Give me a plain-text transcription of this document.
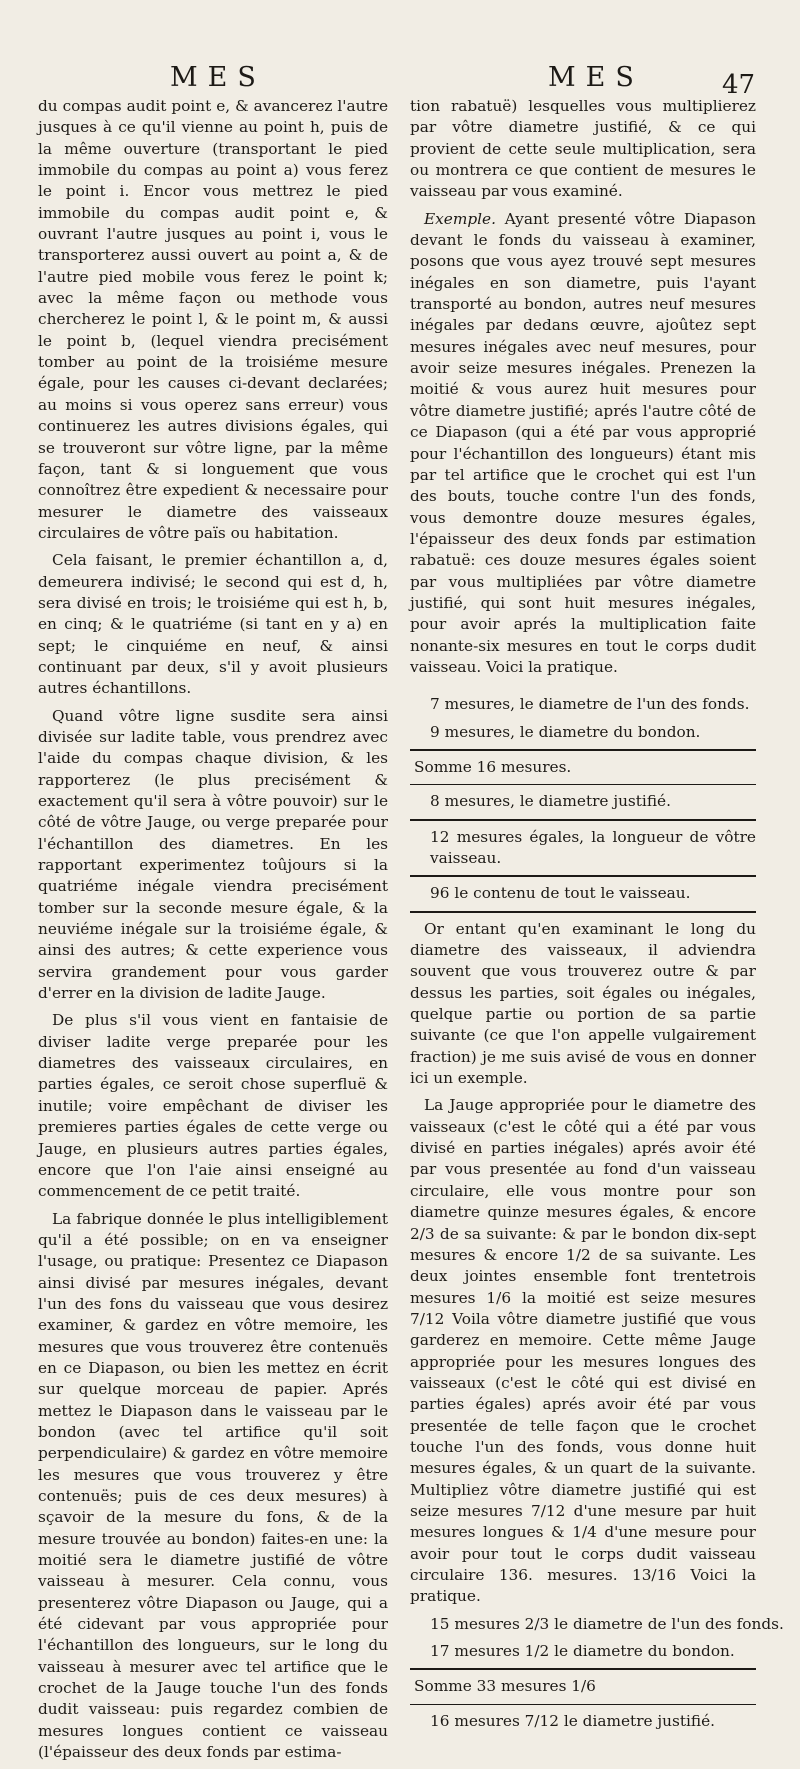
MES	MES	47

du compas audit point e, & avancerez l'autre jusques à ce qu'il vienne au point h, puis de la même ouverture (transportant le pied immobile du compas au point a) vous ferez le point i. Encor vous mettrez le pied immobile du compas audit point e, & ouvrant l'autre jusques au point i, vous le transporterez aussi ouvert au point a, & de l'autre pied mobile vous ferez le point k; avec la même façon ou methode vous chercherez le point l, & le point m, & aussi le point b, (lequel viendra precisément tomber au point de la troisiéme mesure égale, pour les causes ci-devant declarées; au moins si vous operez sans erreur) vous continuerez les autres divisions égales, qui se trouveront sur vôtre ligne, par la même façon, tant & si longuement que vous connoîtrez être expedient & necessaire pour mesurer le diametre des vaisseaux circulaires de vôtre païs ou habitation.

Cela faisant, le premier échantillon a, d, demeurera indivisé; le second qui est d, h, sera divisé en trois; le troisiéme qui est h, b, en cinq; & le quatriéme (si tant en y a) en sept; le cinquiéme en neuf, & ainsi continuant par deux, s'il y avoit plusieurs autres échantillons.

Quand vôtre ligne susdite sera ainsi divisée sur ladite table, vous prendrez avec l'aide du compas chaque division, & les rapporterez (le plus precisément & exactement qu'il sera à vôtre pouvoir) sur le côté de vôtre Jauge, ou verge preparée pour l'échantillon des diametres. En les rapportant experimentez toûjours si la quatriéme inégale viendra precisément tomber sur la seconde mesure égale, & la neuviéme inégale sur la troisiéme égale, & ainsi des autres; & cette experience vous servira grandement pour vous garder d'errer en la division de ladite Jauge.

De plus s'il vous vient en fantaisie de diviser ladite verge preparée pour les diametres des vaisseaux circulaires, en parties égales, ce seroit chose superfluë & inutile; voire empêchant de diviser les premieres parties égales de cette verge ou Jauge, en plusieurs autres parties égales, encore que l'on l'aie ainsi enseigné au commencement de ce petit traité.

La fabrique donnée le plus intelligiblement qu'il a été possible; on en va enseigner l'usage, ou pratique: Presentez ce Diapason ainsi divisé par mesures inégales, devant l'un des fons du vaisseau que vous desirez examiner, & gardez en vôtre memoire, les mesures que vous trouverez être contenuës en ce Diapason, ou bien les mettez en écrit sur quelque morceau de papier. Aprés mettez le Diapason dans le vaisseau par le bondon (avec tel artifice qu'il soit perpendiculaire) & gardez en vôtre memoire les mesures que vous trouverez y être contenuës; puis de ces deux mesures) à sçavoir de la mesure du fons, & de la mesure trouvée au bondon) faites-en une: la moitié sera le diametre justifié de vôtre vaisseau à mesurer. Cela connu, vous presenterez vôtre Diapason ou Jauge, qui a été cidevant par vous appropriée pour l'échantillon des longueurs, sur le long du vaisseau à mesurer avec tel artifice que le crochet de la Jauge touche l'un des fonds dudit vaisseau: puis regardez combien de mesures longues contient ce vaisseau (l'épaisseur des deux fonds par estima-

tion rabatuë) lesquelles vous multiplierez par vôtre diametre justifié, & ce qui provient de cette seule multiplication, sera ou montrera ce que contient de mesures le vaisseau par vous examiné.

Exemple. Ayant presenté vôtre Diapason devant le fonds du vaisseau à examiner, posons que vous ayez trouvé sept mesures inégales en son diametre, puis l'ayant transporté au bondon, autres neuf mesures inégales par dedans œuvre, ajoûtez sept mesures inégales avec neuf mesures, pour avoir seize mesures inégales. Prenezen la moitié & vous aurez huit mesures pour vôtre diametre justifié; aprés l'autre côté de ce Diapason (qui a été par vous approprié pour l'échantillon des longueurs) étant mis par tel artifice que le crochet qui est l'un des bouts, touche contre l'un des fonds, vous demontre douze mesures égales, l'épaisseur des deux fonds par estimation rabatuë: ces douze mesures égales soient par vous multipliées par vôtre diametre justifié, qui sont huit mesures inégales, pour avoir aprés la multiplication faite nonante-six mesures en tout le corps dudit vaisseau. Voici la pratique.

7 mesures, le diametre de l'un des fonds.

9 mesures, le diametre du bondon.

Somme 16 mesures.

8 mesures, le diametre justifié.

12 mesures égales, la longueur de vôtre vaisseau.

96 le contenu de tout le vaisseau.

Or entant qu'en examinant le long du diametre des vaisseaux, il adviendra souvent que vous trouverez outre & par dessus les parties, soit égales ou inégales, quelque partie ou portion de sa partie suivante (ce que l'on appelle vulgairement fraction) je me suis avisé de vous en donner ici un exemple.

La Jauge appropriée pour le diametre des vaisseaux (c'est le côté qui a été par vous divisé en parties inégales) aprés avoir été par vous presentée au fond d'un vaisseau circulaire, elle vous montre pour son diametre quinze mesures égales, & encore 2/3 de sa suivante: & par le bondon dix-sept mesures & encore 1/2 de sa suivante. Les deux jointes ensemble font trentetrois mesures 1/6 la moitié est seize mesures 7/12 Voila vôtre diametre justifié que vous garderez en memoire. Cette même Jauge appropriée pour les mesures longues des vaisseaux (c'est le côté qui est divisé en parties égales) aprés avoir été par vous presentée de telle façon que le crochet touche l'un des fonds, vous donne huit mesures égales, & un quart de la suivante. Multipliez vôtre diametre justifié qui est seize mesures 7/12 d'une mesure par huit mesures longues & 1/4 d'une mesure pour avoir pour tout le corps dudit vaisseau circulaire 136. mesures. 13/16 Voici la pratique.

15 mesures 2/3 le diametre de l'un des fonds.

17 mesures 1/2 le diametre du bondon.

Somme 33 mesures 1/6

16 mesures 7/12 le diametre justifié.
